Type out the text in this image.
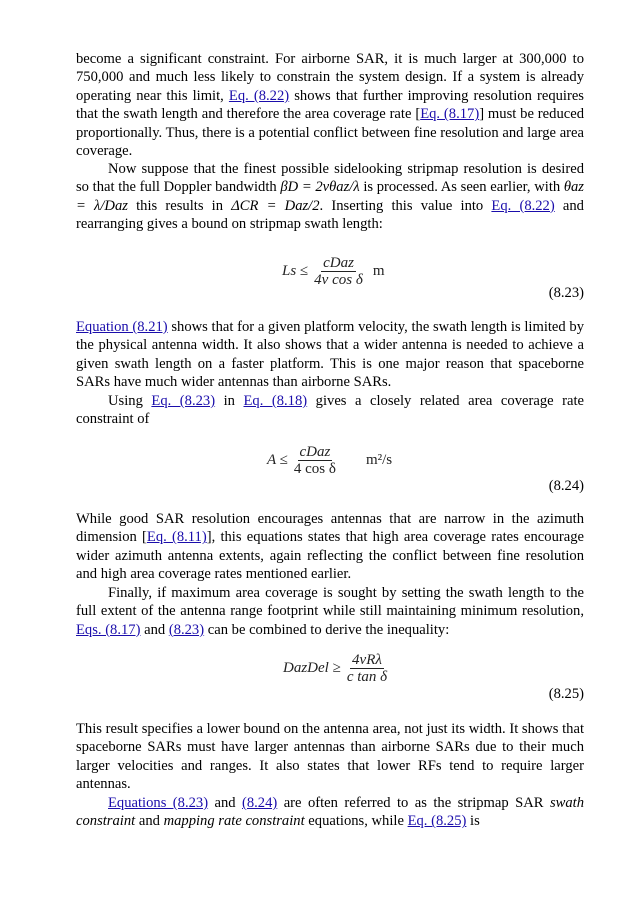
become a significant constraint. For airborne SAR, it is much larger at 300,000 to 750,000 and much less likely to constrain the system design. If a system is already operating near this limit, Eq. (8.22) shows that further improving resolution requires that the swath length and therefore the area coverage rate [Eq. (8.17)] must be reduced proportionally. Thus, there is a potential conflict between fine resolution and large area coverage.

Now suppose that the finest possible sidelooking stripmap resolution is desired so that the full Doppler bandwidth βD = 2vθaz/λ is processed. As seen earlier, with θaz = λ/Daz this results in ΔCR = Daz/2. Inserting this value into Eq. (8.22) and rearranging gives a bound on stripmap swath length:

$Ls \le \frac{\text{cDaz}}{\text{4v cos δ}}$ m
(8.23)

Equation (8.21) shows that for a given platform velocity, the swath length is limited by the physical antenna width. It also shows that a wider antenna is needed to achieve a given swath length on a faster platform. This is one major reason that spaceborne SARs have much wider antennas than airborne SARs.

Using Eq. (8.23) in Eq. (8.18) gives a closely related area coverage rate constraint of

$A \le \frac{\text{cDaz}}{\text{4 cos δ}} m^2/s$
(8.24)

While good SAR resolution encourages antennas that are narrow in the azimuth dimension [Eq. (8.11)], this equations states that high area coverage rates encourage wider azimuth antenna extents, again reflecting the conflict between fine resolution and high area coverage rates mentioned earlier.

Finally, if maximum area coverage is sought by setting the swath length to the full extent of the antenna range footprint while still maintaining minimum resolution, Eqs. (8.17) and (8.23) can be combined to derive the inequality:

DazDel ≥ $\frac{\text{4vRλ}}{\text{c tan δ}}$
(8.25)

This result specifies a lower bound on the antenna area, not just its width. It shows that spaceborne SARs must have larger antennas than airborne SARs due to their much larger velocities and ranges. It also states that lower RFs tend to require larger antennas.

Equations (8.23) and (8.24) are often referred to as the stripmap SAR swath constraint and mapping rate constraint equations, while Eq. (8.25) is
